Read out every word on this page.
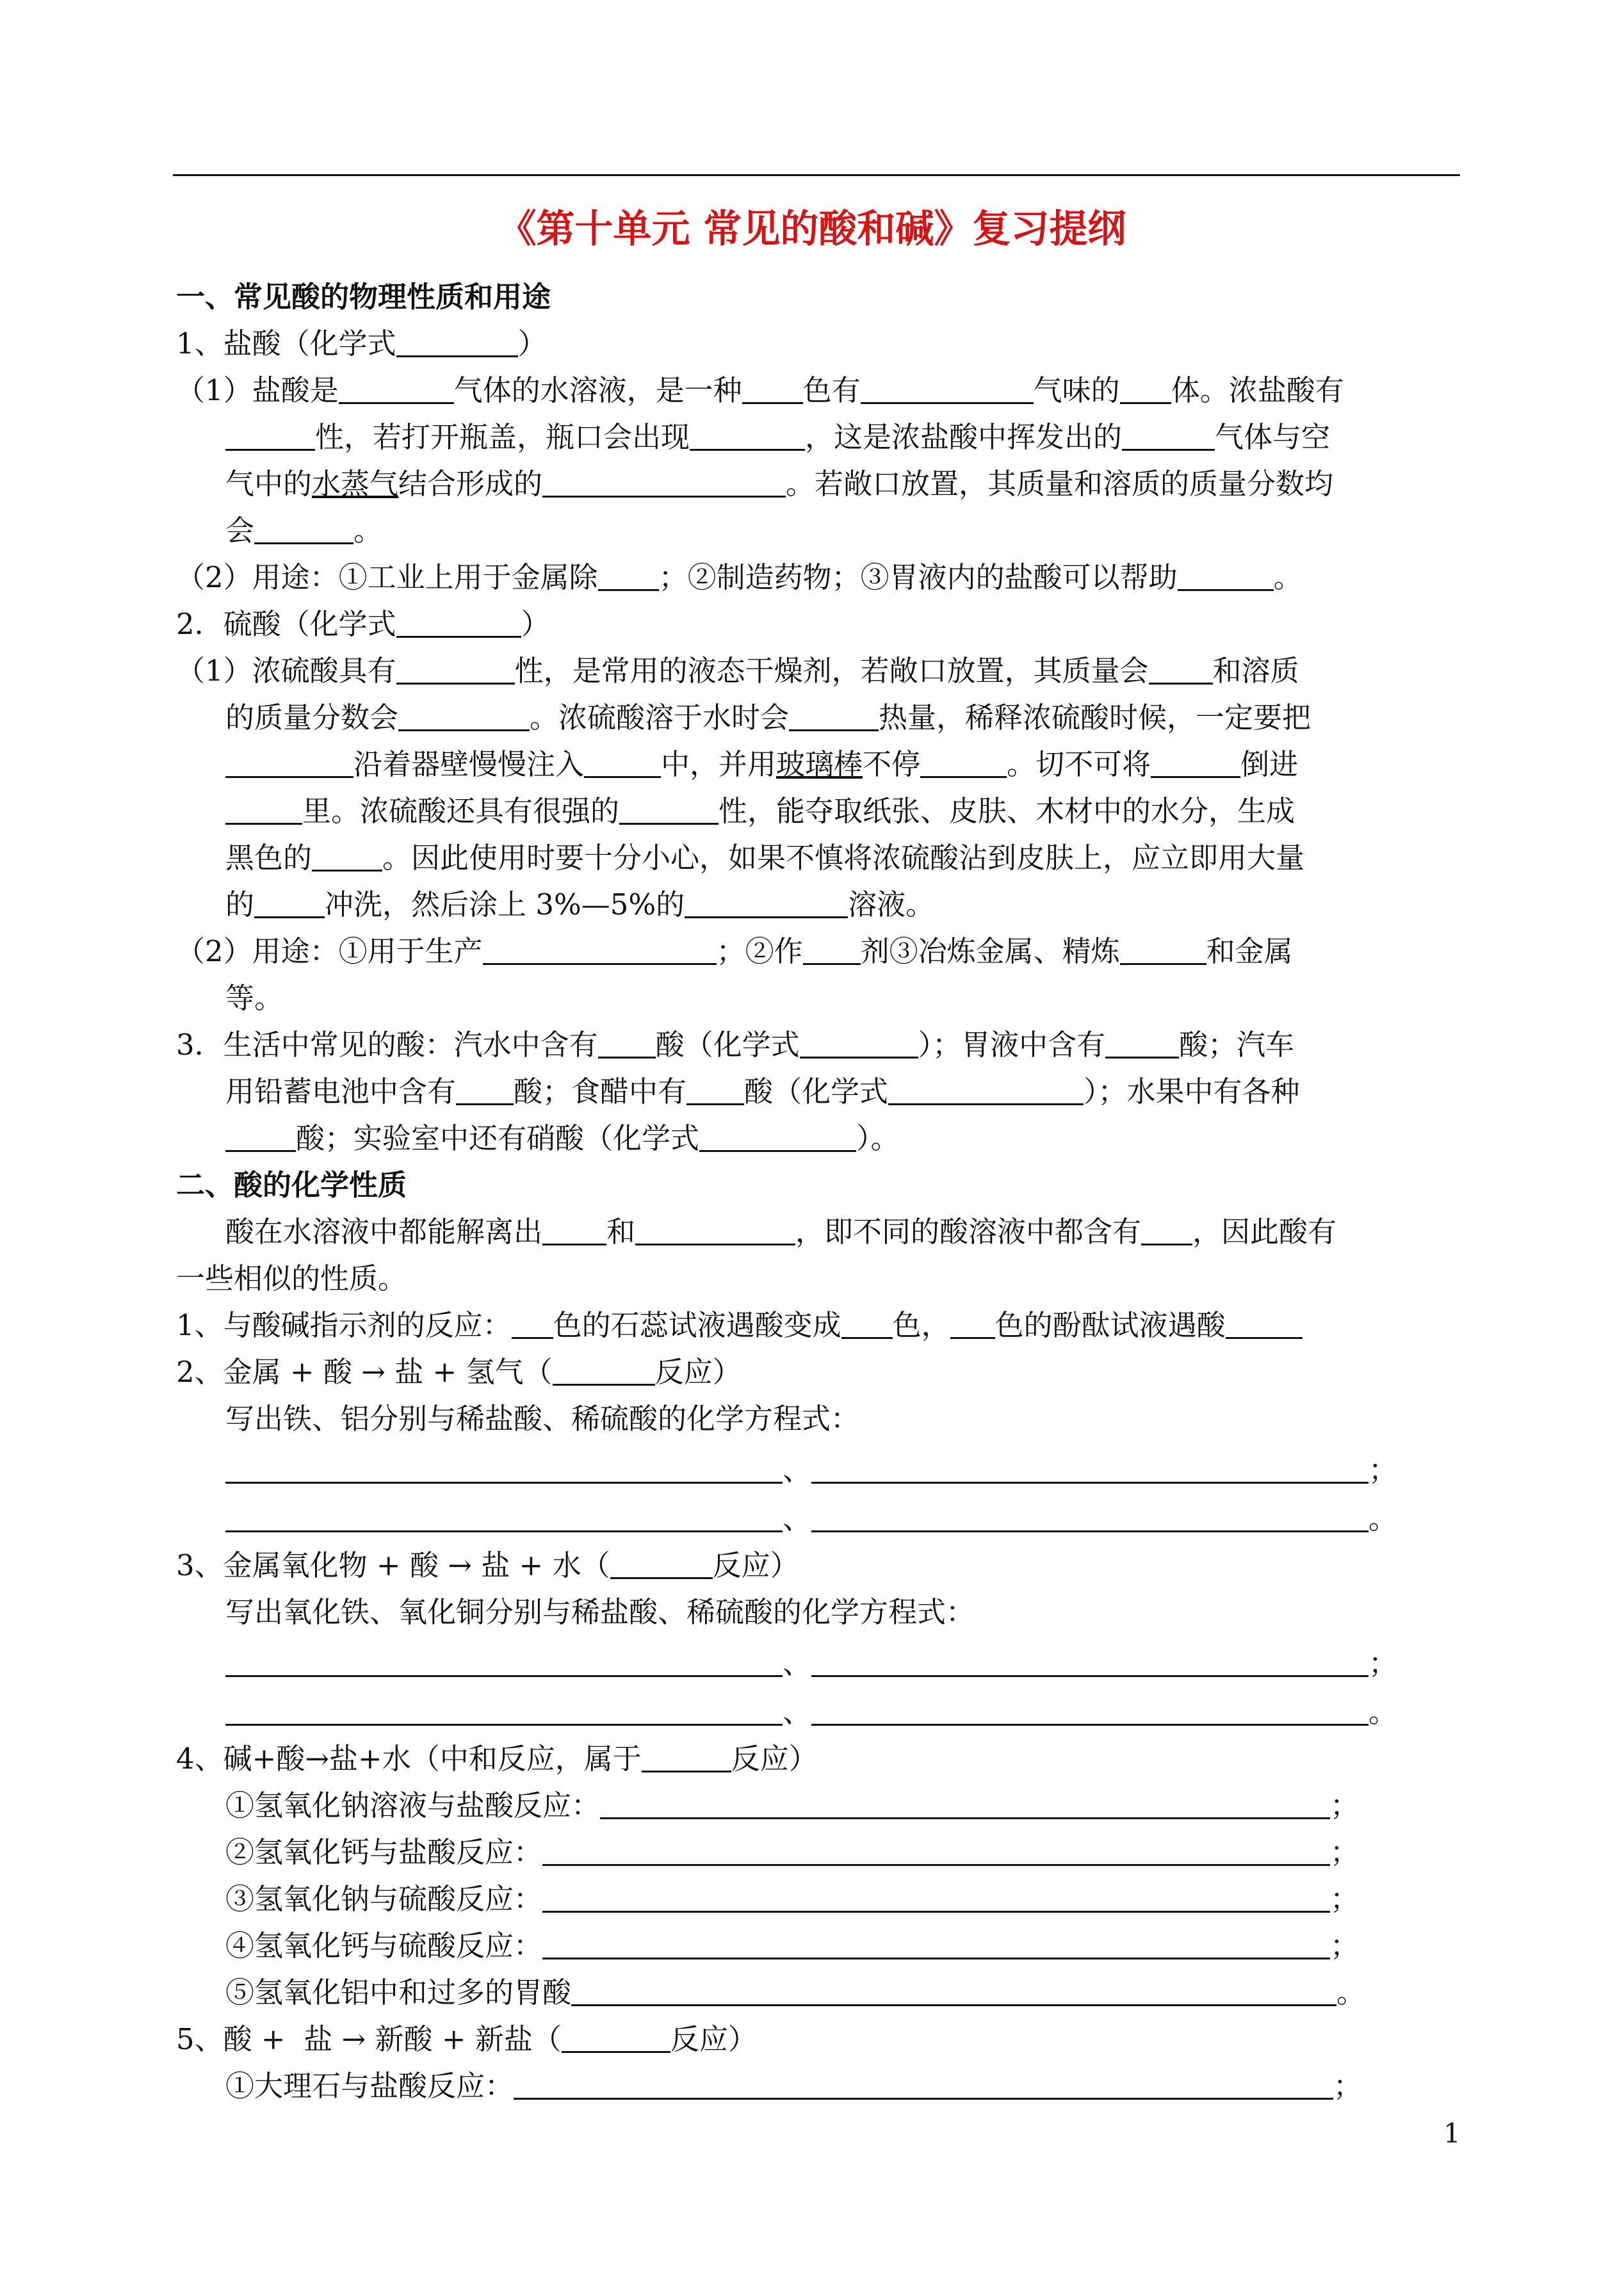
《第十单元 常见的酸和碱》复习提纲
一、常见酸的物理性质和用途
1、盐酸（化学式	）
（1）盐酸是	气体的水溶液，是一种 色有	气味的 体。浓盐酸有
性，若打开瓶盖，瓶口会出现	，这是浓盐酸中挥发出的	气体与空
气中的水蒸气结合形成的	。若敞口放置，其质量和溶质的质量分数均
会	。
（2）用途：①工业上用于金属除 ；②制造药物；③胃液内的盐酸可以帮助	。
2．硫酸（化学式	）
（1）浓硫酸具有	性，是常用的液态干燥剂，若敞口放置，其质量会 和溶质
的质量分数会	。浓硫酸溶于水时会	热量，稀释浓硫酸时候，一定要把
沿着器壁慢慢注入	中，并用玻璃棒不停	。切不可将	倒进
里。浓硫酸还具有很强的	性，能夺取纸张、皮肤、木材中的水分，生成
黑色的 。因此使用时要十分小心，如果不慎将浓硫酸沾到皮肤上，应立即用大量
的 冲洗，然后涂上 3%—5%的	溶液。
（2）用途：①用于生产	；②作 剂③冶炼金属、精炼	和金属
等。
3．生活中常见的酸：汽水中含有 酸（化学式	）；胃液中含有	酸；汽车
用铅蓄电池中含有 酸；食醋中有 酸（化学式	）；水果中有各种
酸；实验室中还有硝酸（化学式	）。
二、酸的化学性质
酸在水溶液中都能解离出 和	，即不同的酸溶液中都含有 ，因此酸有
一些相似的性质。
1、与酸碱指示剂的反应： 色的石蕊试液遇酸变成 色， 色的酚酞试液遇酸
2、金属 + 酸 → 盐 + 氢气（	反应）
写出铁、铝分别与稀盐酸、稀硫酸的化学方程式：
、	；
、	。
3、金属氧化物 + 酸 → 盐 + 水（	反应）
写出氧化铁、氧化铜分别与稀盐酸、稀硫酸的化学方程式：
、	；
、	。
4、碱+酸→盐+水（中和反应，属于	反应）
①氢氧化钠溶液与盐酸反应：	；
②氢氧化钙与盐酸反应：	；
③氢氧化钠与硫酸反应：	；
④氢氧化钙与硫酸反应：	；
⑤氢氧化铝中和过多的胃酸	。
5、酸 +  盐 → 新酸 + 新盐（	反应）
①大理石与盐酸反应：	；
1
